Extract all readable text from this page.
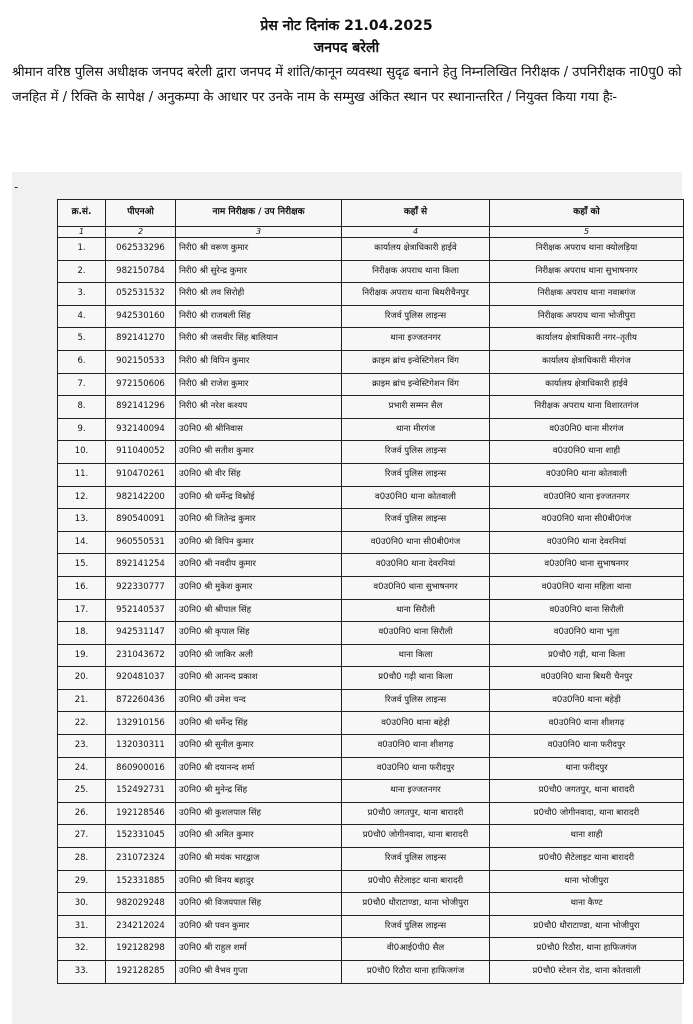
प्रेस नोट दिनांक 21.04.2025
जनपद बरेली
श्रीमान वरिष्ठ पुलिस अधीक्षक जनपद बरेली द्वारा जनपद में शांति/कानून व्यवस्था सुदृढ बनाने हेतु निम्नलिखित निरीक्षक / उपनिरीक्षक ना0पु0 को जनहित में / रिक्ति के सापेक्ष / अनुकम्पा के आधार पर उनके नाम के सम्मुख अंकित स्थान पर स्थानान्तरित / नियुक्त किया गया हैः-
-
क्र.सं.	पीएनओ	नाम निरीक्षक / उप निरीक्षक	कहाँ से	कहाँ को
1	2	3	4	5
1.	062533296	निरी0 श्री वरूण कुमार	कार्यालय क्षेत्राधिकारी हाईवे	निरीक्षक अपराध थाना क्योलड़िया
2.	982150784	निरी0 श्री सुरेन्द्र कुमार	निरीक्षक अपराध थाना किला	निरीक्षक अपराध थाना सुभाषनगर
3.	052531532	निरी0 श्री लव सिरोही	निरीक्षक अपराध थाना बिथरीचैनपुर	निरीक्षक अपराध थाना नवाबगंज
4.	942530160	निरी0 श्री राजबली सिंह	रिजर्व पुलिस लाइन्स	निरीक्षक अपराध थाना भोजीपुरा
5.	892141270	निरी0 श्री जसवीर सिंह बालियान	थाना इज्जतनगर	कार्यालय क्षेत्राधिकारी नगर–तृतीय
6.	902150533	निरी0 श्री विपिन कुमार	क्राइम ब्रांच इन्वेस्टिगेशन विंग	कार्यालय क्षेत्राधिकारी मीरगंज
7.	972150606	निरी0 श्री राजेश कुमार	क्राइम ब्रांच इन्वेस्टिगेशन विंग	कार्यालय क्षेत्राधिकारी हाईवे
8.	892141296	निरी0 श्री नरेश कश्यप	प्रभारी सम्मन सैल	निरीक्षक अपराध थाना विशारतगंज
9.	932140094	उ0नि0 श्री श्रीनिवास	थाना मीरगंज	व0उ0नि0 थाना मीरगंज
10.	911040052	उ0नि0 श्री सतीश कुमार	रिजर्व पुलिस लाइन्स	व0उ0नि0 थाना शाही
11.	910470261	उ0नि0 श्री वीर सिंह	रिजर्व पुलिस लाइन्स	व0उ0नि0 थाना कोतवाली
12.	982142200	उ0नि0 श्री धर्मेन्द्र विश्नोई	व0उ0नि0 थाना कोतवाली	व0उ0नि0 थाना इज्जतनगर
13.	890540091	उ0नि0 श्री जितेन्द्र कुमार	रिजर्व पुलिस लाइन्स	व0उ0नि0 थाना सी0बी0गंज
14.	960550531	उ0नि0 श्री विपिन कुमार	व0उ0नि0 थाना सी0बी0गंज	व0उ0नि0 थाना देवरनियां
15.	892141254	उ0नि0 श्री नवदीप कुमार	व0उ0नि0 थाना देवरनियां	व0उ0नि0 थाना सुभाषनगर
16.	922330777	उ0नि0 श्री मुकेश कुमार	व0उ0नि0 थाना सुभाषनगर	व0उ0नि0 थाना महिला थाना
17.	952140537	उ0नि0 श्री श्रीपाल सिंह	थाना सिरौली	व0उ0नि0 थाना सिरौली
18.	942531147	उ0नि0 श्री कृपाल सिंह	व0उ0नि0 थाना सिरौली	व0उ0नि0 थाना भुता
19.	231043672	उ0नि0 श्री जाकिर अली	थाना किला	प्र0चौ0 गढ़ी, थाना किला
20.	920481037	उ0नि0 श्री आनन्द प्रकाश	प्र0चौ0 गढ़ी थाना किला	व0उ0नि0 थाना बिथरी चैनपुर
21.	872260436	उ0नि0 श्री उमेश चन्द	रिजर्व पुलिस लाइन्स	व0उ0नि0 थाना बहेड़ी
22.	132910156	उ0नि0 श्री धर्मेन्द्र सिंह	व0उ0नि0 थाना बहेड़ी	व0उ0नि0 थाना शीशगढ़
23.	132030311	उ0नि0 श्री सुनील कुमार	व0उ0नि0 थाना शीशगढ़	व0उ0नि0 थाना फरीदपुर
24.	860900016	उ0नि0 श्री दयानन्द शर्मा	व0उ0नि0 थाना फरीदपुर	थाना फरीदपुर
25.	152492731	उ0नि0 श्री मुनेन्द्र सिंह	थाना इज्जतनगर	प्र0चौ0 जगतपुर, थाना बारादरी
26.	192128546	उ0नि0 श्री कुशलपाल सिंह	प्र0चौ0 जगतपुर, थाना बारादरी	प्र0चौ0 जोगीनवादा, थाना बारादरी
27.	152331045	उ0नि0 श्री अमित कुमार	प्र0चौ0 जोगीनवादा, थाना बारादरी	थाना शाही
28.	231072324	उ0नि0 श्री मयंक भारद्वाज	रिजर्व पुलिस लाइन्स	प्र0चौ0 सैटेलाइट थाना बारादरी
29.	152331885	उ0नि0 श्री विनय बहादुर	प्र0चौ0 सैटेलाइट थाना बारादरी	थाना भोजीपुरा
30.	982029248	उ0नि0 श्री विजयपाल सिंह	प्र0चौ0 धौराटाण्डा, थाना भोजीपुरा	थाना कैण्ट
31.	234212024	उ0नि0 श्री पवन कुमार	रिजर्व पुलिस लाइन्स	प्र0चौ0 धौराटाण्डा, थाना भोजीपुरा
32.	192128298	उ0नि0 श्री राहुल शर्मा	वी0आई0पी0 सैल	प्र0चौ0 रिठौरा, थाना हाफिजगंज
33.	192128285	उ0नि0 श्री वैभव गुप्ता	प्र0चौ0 रिठौरा थाना हाफिजगंज	प्र0चौ0 स्टेशन रोड, थाना कोतवाली
